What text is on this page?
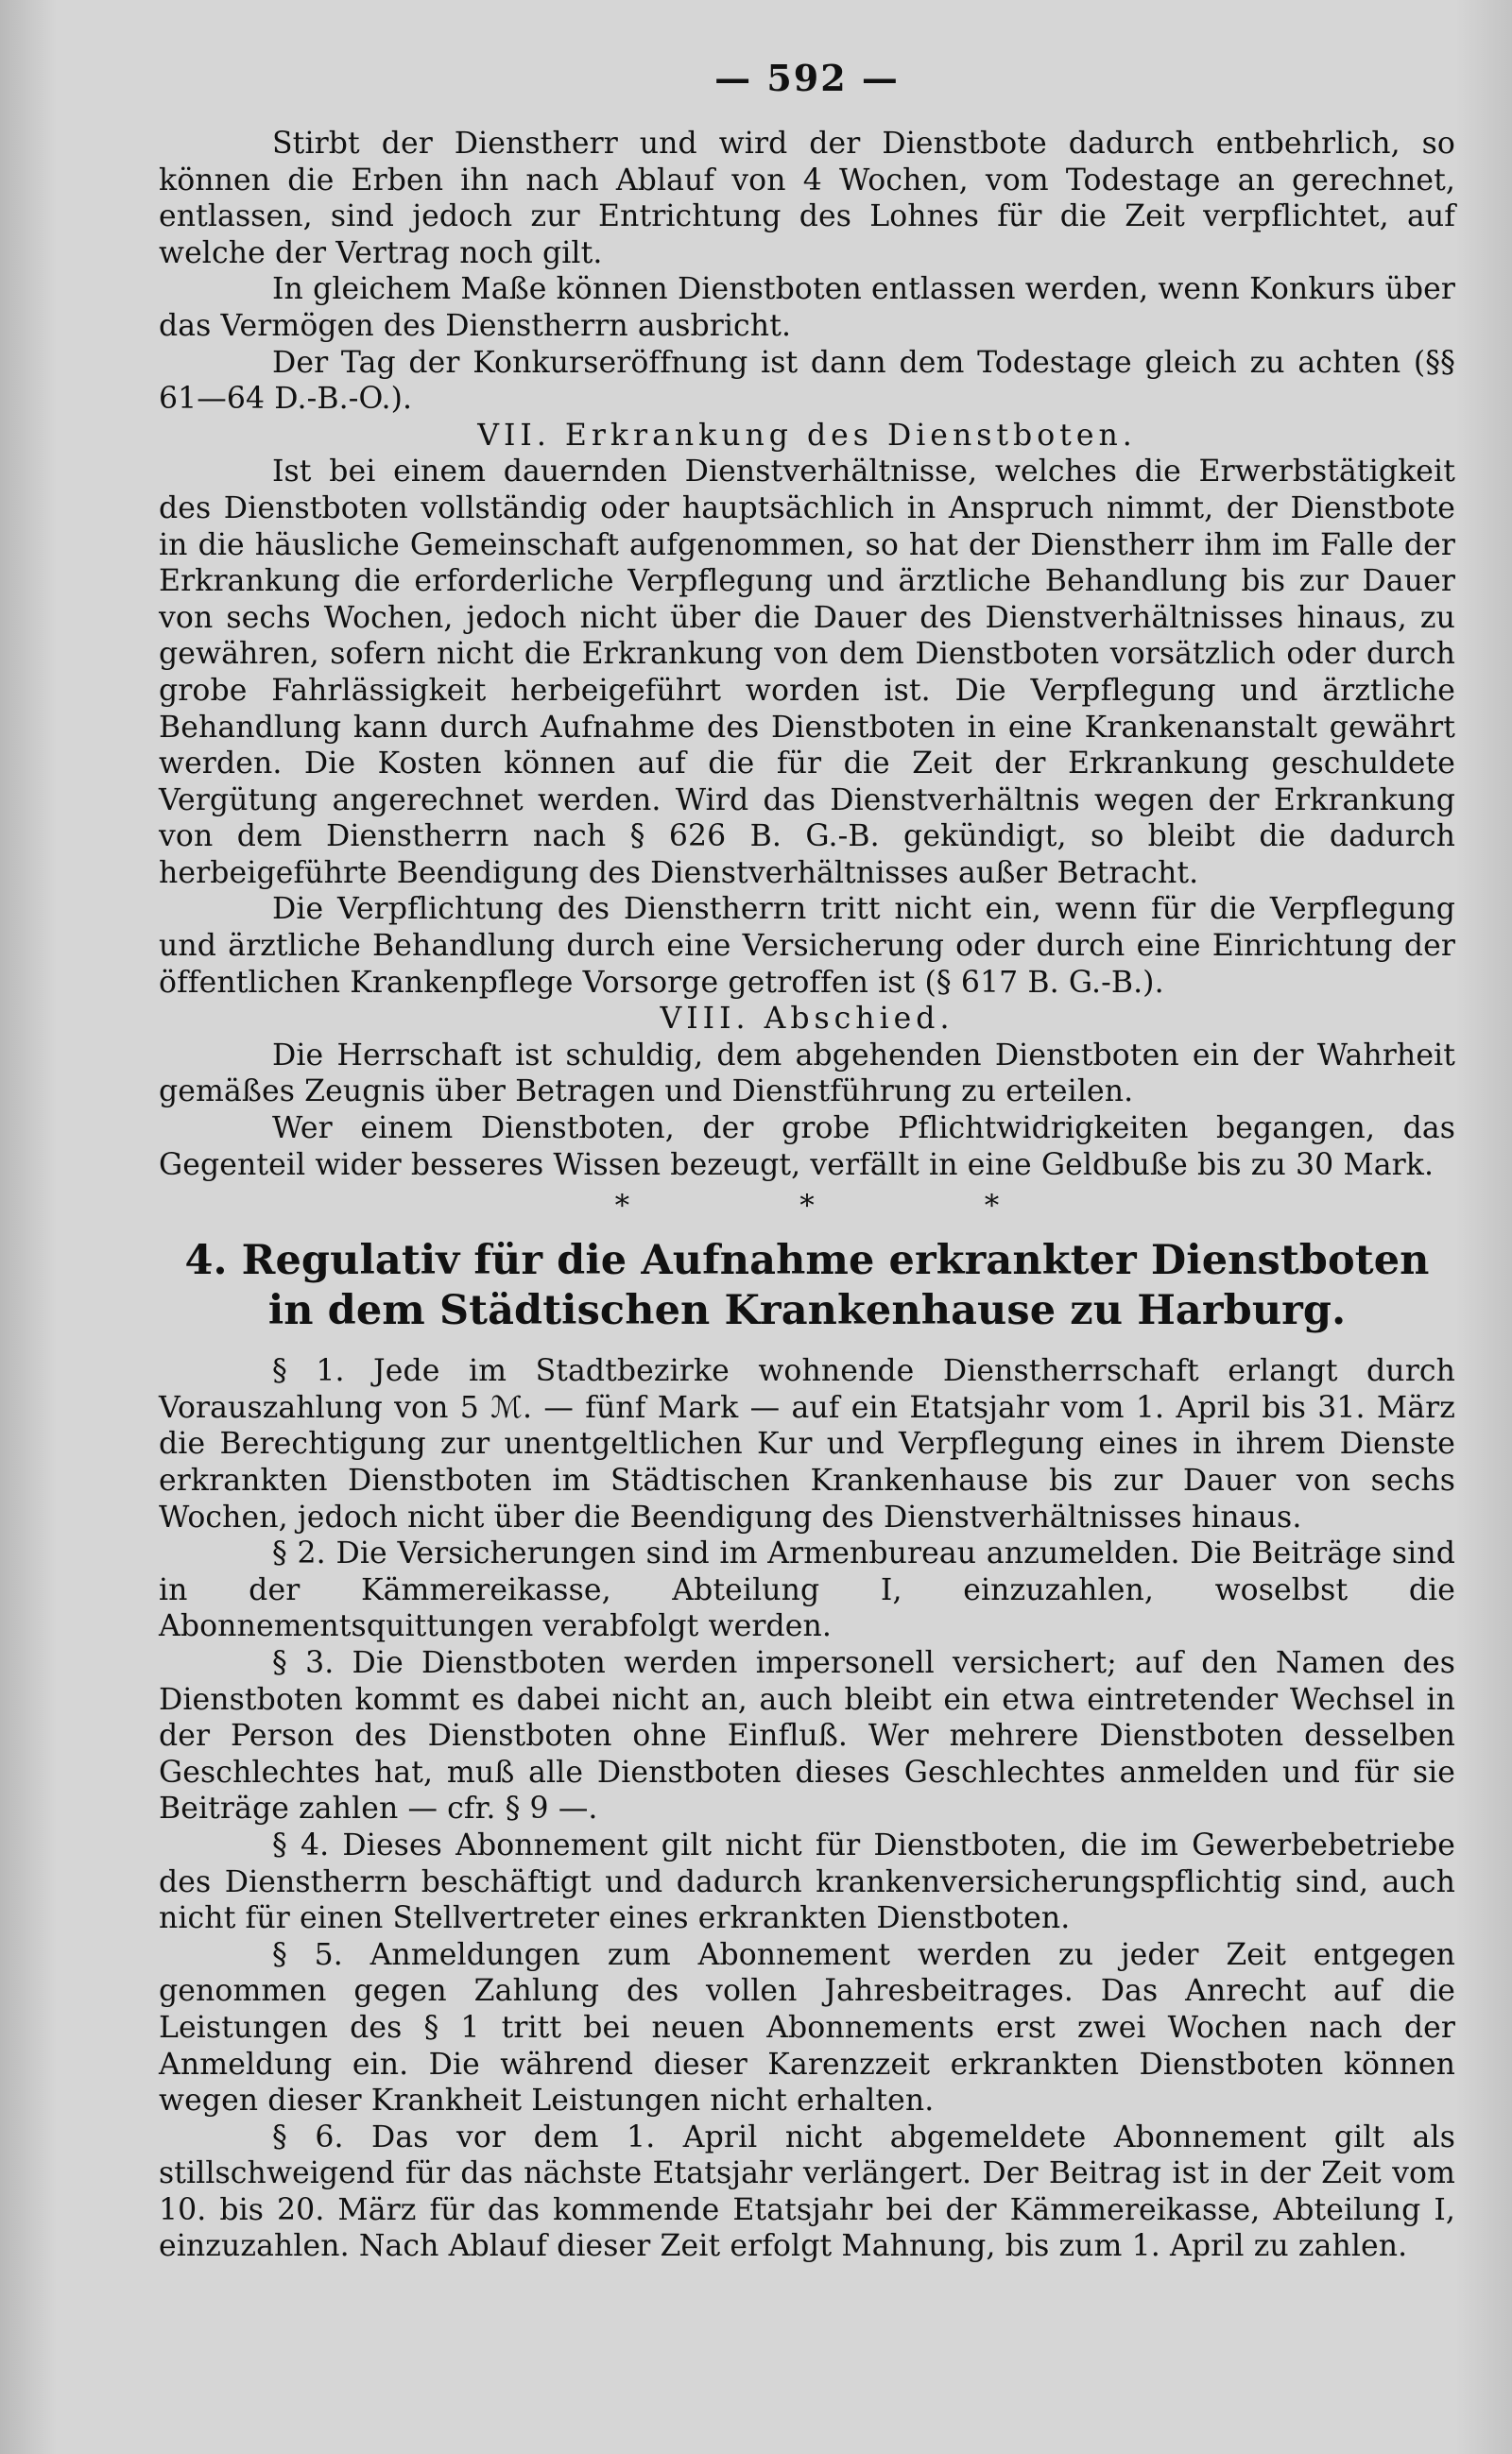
— 592 —

Stirbt der Dienstherr und wird der Dienstbote dadurch entbehrlich, so können die Erben ihn nach Ablauf von 4 Wochen, vom Todestage an gerechnet, entlassen, sind jedoch zur Entrichtung des Lohnes für die Zeit verpflichtet, auf welche der Vertrag noch gilt.

In gleichem Maße können Dienstboten entlassen werden, wenn Konkurs über das Vermögen des Dienstherrn ausbricht.

Der Tag der Konkurseröffnung ist dann dem Todestage gleich zu achten (§§ 61—64 D.-B.-O.).

VII. Erkrankung des Dienstboten.

Ist bei einem dauernden Dienstverhältnisse, welches die Erwerbstätigkeit des Dienstboten vollständig oder hauptsächlich in Anspruch nimmt, der Dienstbote in die häusliche Gemeinschaft aufgenommen, so hat der Dienstherr ihm im Falle der Erkrankung die erforderliche Verpflegung und ärztliche Behandlung bis zur Dauer von sechs Wochen, jedoch nicht über die Dauer des Dienstverhältnisses hinaus, zu gewähren, sofern nicht die Erkrankung von dem Dienstboten vorsätzlich oder durch grobe Fahrlässigkeit herbeigeführt worden ist. Die Verpflegung und ärztliche Behandlung kann durch Aufnahme des Dienstboten in eine Krankenanstalt gewährt werden. Die Kosten können auf die für die Zeit der Erkrankung geschuldete Vergütung angerechnet werden. Wird das Dienstverhältnis wegen der Erkrankung von dem Dienstherrn nach § 626 B. G.-B. gekündigt, so bleibt die dadurch herbeigeführte Beendigung des Dienstverhältnisses außer Betracht.

Die Verpflichtung des Dienstherrn tritt nicht ein, wenn für die Verpflegung und ärztliche Behandlung durch eine Versicherung oder durch eine Einrichtung der öffentlichen Krankenpflege Vorsorge getroffen ist (§ 617 B. G.-B.).

VIII. Abschied.

Die Herrschaft ist schuldig, dem abgehenden Dienstboten ein der Wahrheit gemäßes Zeugnis über Betragen und Dienstführung zu erteilen.

Wer einem Dienstboten, der grobe Pflichtwidrigkeiten begangen, das Gegenteil wider besseres Wissen bezeugt, verfällt in eine Geldbuße bis zu 30 Mark.

* * *
4. Regulativ für die Aufnahme erkrankter Dienstboten in dem Städtischen Krankenhause zu Harburg.

§ 1. Jede im Stadtbezirke wohnende Dienstherrschaft erlangt durch Vorauszahlung von 5 ℳ. — fünf Mark — auf ein Etatsjahr vom 1. April bis 31. März die Berechtigung zur unentgeltlichen Kur und Verpflegung eines in ihrem Dienste erkrankten Dienstboten im Städtischen Krankenhause bis zur Dauer von sechs Wochen, jedoch nicht über die Beendigung des Dienstverhältnisses hinaus.

§ 2. Die Versicherungen sind im Armenbureau anzumelden. Die Beiträge sind in der Kämmereikasse, Abteilung I, einzuzahlen, woselbst die Abonnementsquittungen verabfolgt werden.

§ 3. Die Dienstboten werden impersonell versichert; auf den Namen des Dienstboten kommt es dabei nicht an, auch bleibt ein etwa eintretender Wechsel in der Person des Dienstboten ohne Einfluß. Wer mehrere Dienstboten desselben Geschlechtes hat, muß alle Dienstboten dieses Geschlechtes anmelden und für sie Beiträge zahlen — cfr. § 9 —.

§ 4. Dieses Abonnement gilt nicht für Dienstboten, die im Gewerbebetriebe des Dienstherrn beschäftigt und dadurch krankenversicherungspflichtig sind, auch nicht für einen Stellvertreter eines erkrankten Dienstboten.

§ 5. Anmeldungen zum Abonnement werden zu jeder Zeit entgegen genommen gegen Zahlung des vollen Jahresbeitrages. Das Anrecht auf die Leistungen des § 1 tritt bei neuen Abonnements erst zwei Wochen nach der Anmeldung ein. Die während dieser Karenzzeit erkrankten Dienstboten können wegen dieser Krankheit Leistungen nicht erhalten.

§ 6. Das vor dem 1. April nicht abgemeldete Abonnement gilt als stillschweigend für das nächste Etatsjahr verlängert. Der Beitrag ist in der Zeit vom 10. bis 20. März für das kommende Etatsjahr bei der Kämmereikasse, Abteilung I, einzuzahlen. Nach Ablauf dieser Zeit erfolgt Mahnung, bis zum 1. April zu zahlen.
